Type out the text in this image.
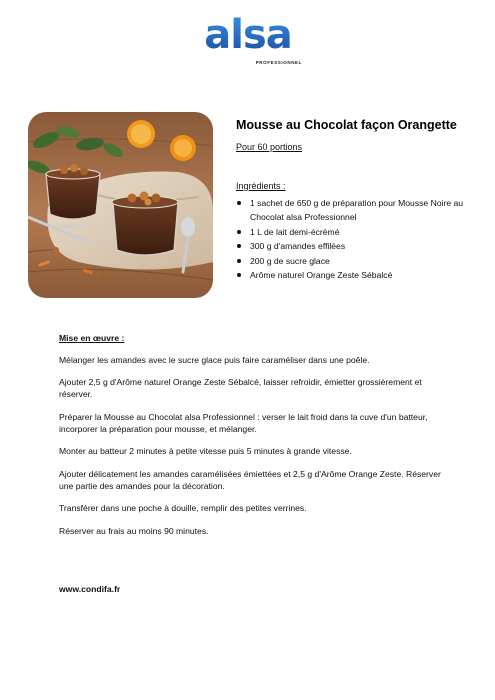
alsa
PROFESSIONNEL
Mousse au Chocolat façon Orangette
Pour 60 portions
Ingrédients :
1 sachet de 650 g de préparation pour Mousse Noire au Chocolat alsa Professionnel
1 L de lait demi-écrémé
300 g d'amandes effilées
200 g de sucre glace
Arôme naturel Orange Zeste Sébalcé
Mise en œuvre :

Mélanger les amandes avec le sucre glace puis faire caraméliser dans une poêle.

Ajouter 2,5 g d'Arôme naturel Orange Zeste Sébalcé, laisser refroidir, émietter grossièrement et réserver.

Préparer la Mousse au Chocolat alsa Professionnel : verser le lait froid dans la cuve d'un batteur, incorporer la préparation pour mousse, et mélanger.

Monter au batteur 2 minutes à petite vitesse puis 5 minutes à grande vitesse.

Ajouter délicatement les amandes caramélisées émiettées et 2,5 g d'Arôme Orange Zeste. Réserver une partie des amandes pour la décoration.

Transférer dans une poche à douille, remplir des petites verrines.

Réserver au frais au moins 90 minutes.

www.condifa.fr
